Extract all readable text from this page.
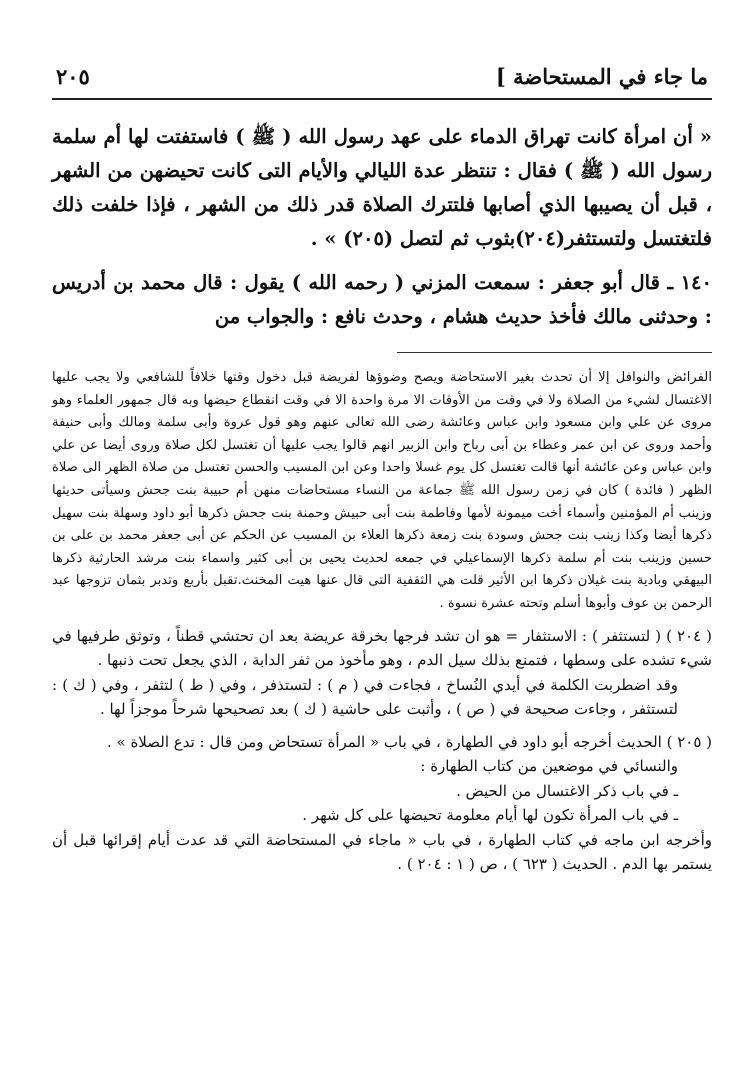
ما جاء في المستحاضة ]
٢٠٥

« أن امرأة كانت تهراق الدماء على عهد رسول الله ( ﷺ ) فاستفتت لها أم سلمة رسول الله ( ﷺ ) فقال : تنتظر عدة الليالي والأيام التى كانت تحيضهن من الشهر ، قبل أن يصيبها الذي أصابها فلتترك الصلاة قدر ذلك من الشهر ، فإذا خلفت ذلك فلتغتسل ولتستثفر(٢٠٤)بثوب ثم لتصل (٢٠٥) » .

١٤٠ ـ قال أبو جعفر : سمعت المزني ( رحمه الله ) يقول : قال محمد بن أدريس : وحدثنى مالك فأخذ حديث هشام ، وحدث نافع : والجواب من

الفرائض والنوافل إلا أن تحدث بغير الاستحاضة ويصح وضوؤها لفريضة قبل دخول وقتها خلافاً للشافعي ولا يجب عليها الاغتسال لشيء من الصلاة ولا في وقت من الأوقات الا مرة واحدة الا في وقت انقطاع حيضها وبه قال جمهور العلماء وهو مروى عن علي وابن مسعود وابن عباس وعائشة رضى الله تعالى عنهم وهو قول عروة وأبى سلمة ومالك وأبى حنيفة وأحمد وروى عن ابن عمر وعطاء بن أبى رباح وابن الزبير انهم قالوا يجب عليها أن تغتسل لكل صلاة وروى أيضا عن علي وابن عباس وعن عائشة أنها قالت تغتسل كل يوم غسلا واحدا وعن ابن المسيب والحسن تغتسل من صلاة الظهر الى صلاة الظهر ( فائدة ) كان في زمن رسول الله ﷺ جماعة من النساء مستحاضات منهن أم حبيبة بنت جحش وسيأتى حديثها وزينب أم المؤمنين وأسماء أخت ميمونة لأمها وفاطمة بنت أبى حبيش وحمنة بنت جحش ذكرها أبو داود وسهلة بنت سهيل ذكرها أيضا وكذا زينب بنت جحش وسودة بنت زمعة ذكرها العلاء بن المسيب عن الحكم عن أبى جعفر محمد بن على بن حسين وزينب بنت أم سلمة ذكرها الإسماعيلي في جمعه لحديث يحيى بن أبى كثير واسماء بنت مرشد الحارثية ذكرها البيهقي وبادية بنت غيلان ذكرها ابن الأثير قلت هي الثقفية التى قال عنها هيت المخنث.تقبل بأربع وتدبر بثمان تزوجها عبد الرحمن بن عوف وأبوها أسلم وتحته عشرة نسوة .

( ٢٠٤ ) ( لتستثفر ) : الاستثفار = هو ان تشد فرجها بخرقة عريضة بعد ان تحتشي قطناً ، وتوثق طرفيها في شيء تشده على وسطها ، فتمنع بذلك سيل الدم ، وهو مأخوذ من ثفر الدابة ، الذي يجعل تحت ذنبها .

وقد اضطربت الكلمة في أيدي النُساخ ، فجاءت في ( م ) : لتستذفر ، وفي ( ط ) لتثفر ، وفي ( ك ) : لتستثفر ، وجاءت صحيحة في ( ص ) ، وأثبت على حاشية ( ك ) بعد تصحيحها شرحاً موجزاً لها .

( ٢٠٥ ) الحديث أخرجه أبو داود في الطهارة ، في باب « المرأة تستحاض ومن قال : تدع الصلاة » .

والنسائي في موضعين من كتاب الطهارة :

ـ في باب ذكر الاغتسال من الحيض .

ـ في باب المرأة تكون لها أيام معلومة تحيضها على كل شهر .

وأخرجه ابن ماجه في كتاب الطهارة ، في باب « ماجاء في المستحاضة التي قد عدت أيام إقرائها قبل أن يستمر بها الدم . الحديث ( ٦٢٣ ) ، ص ( ١ : ٢٠٤ ) .
